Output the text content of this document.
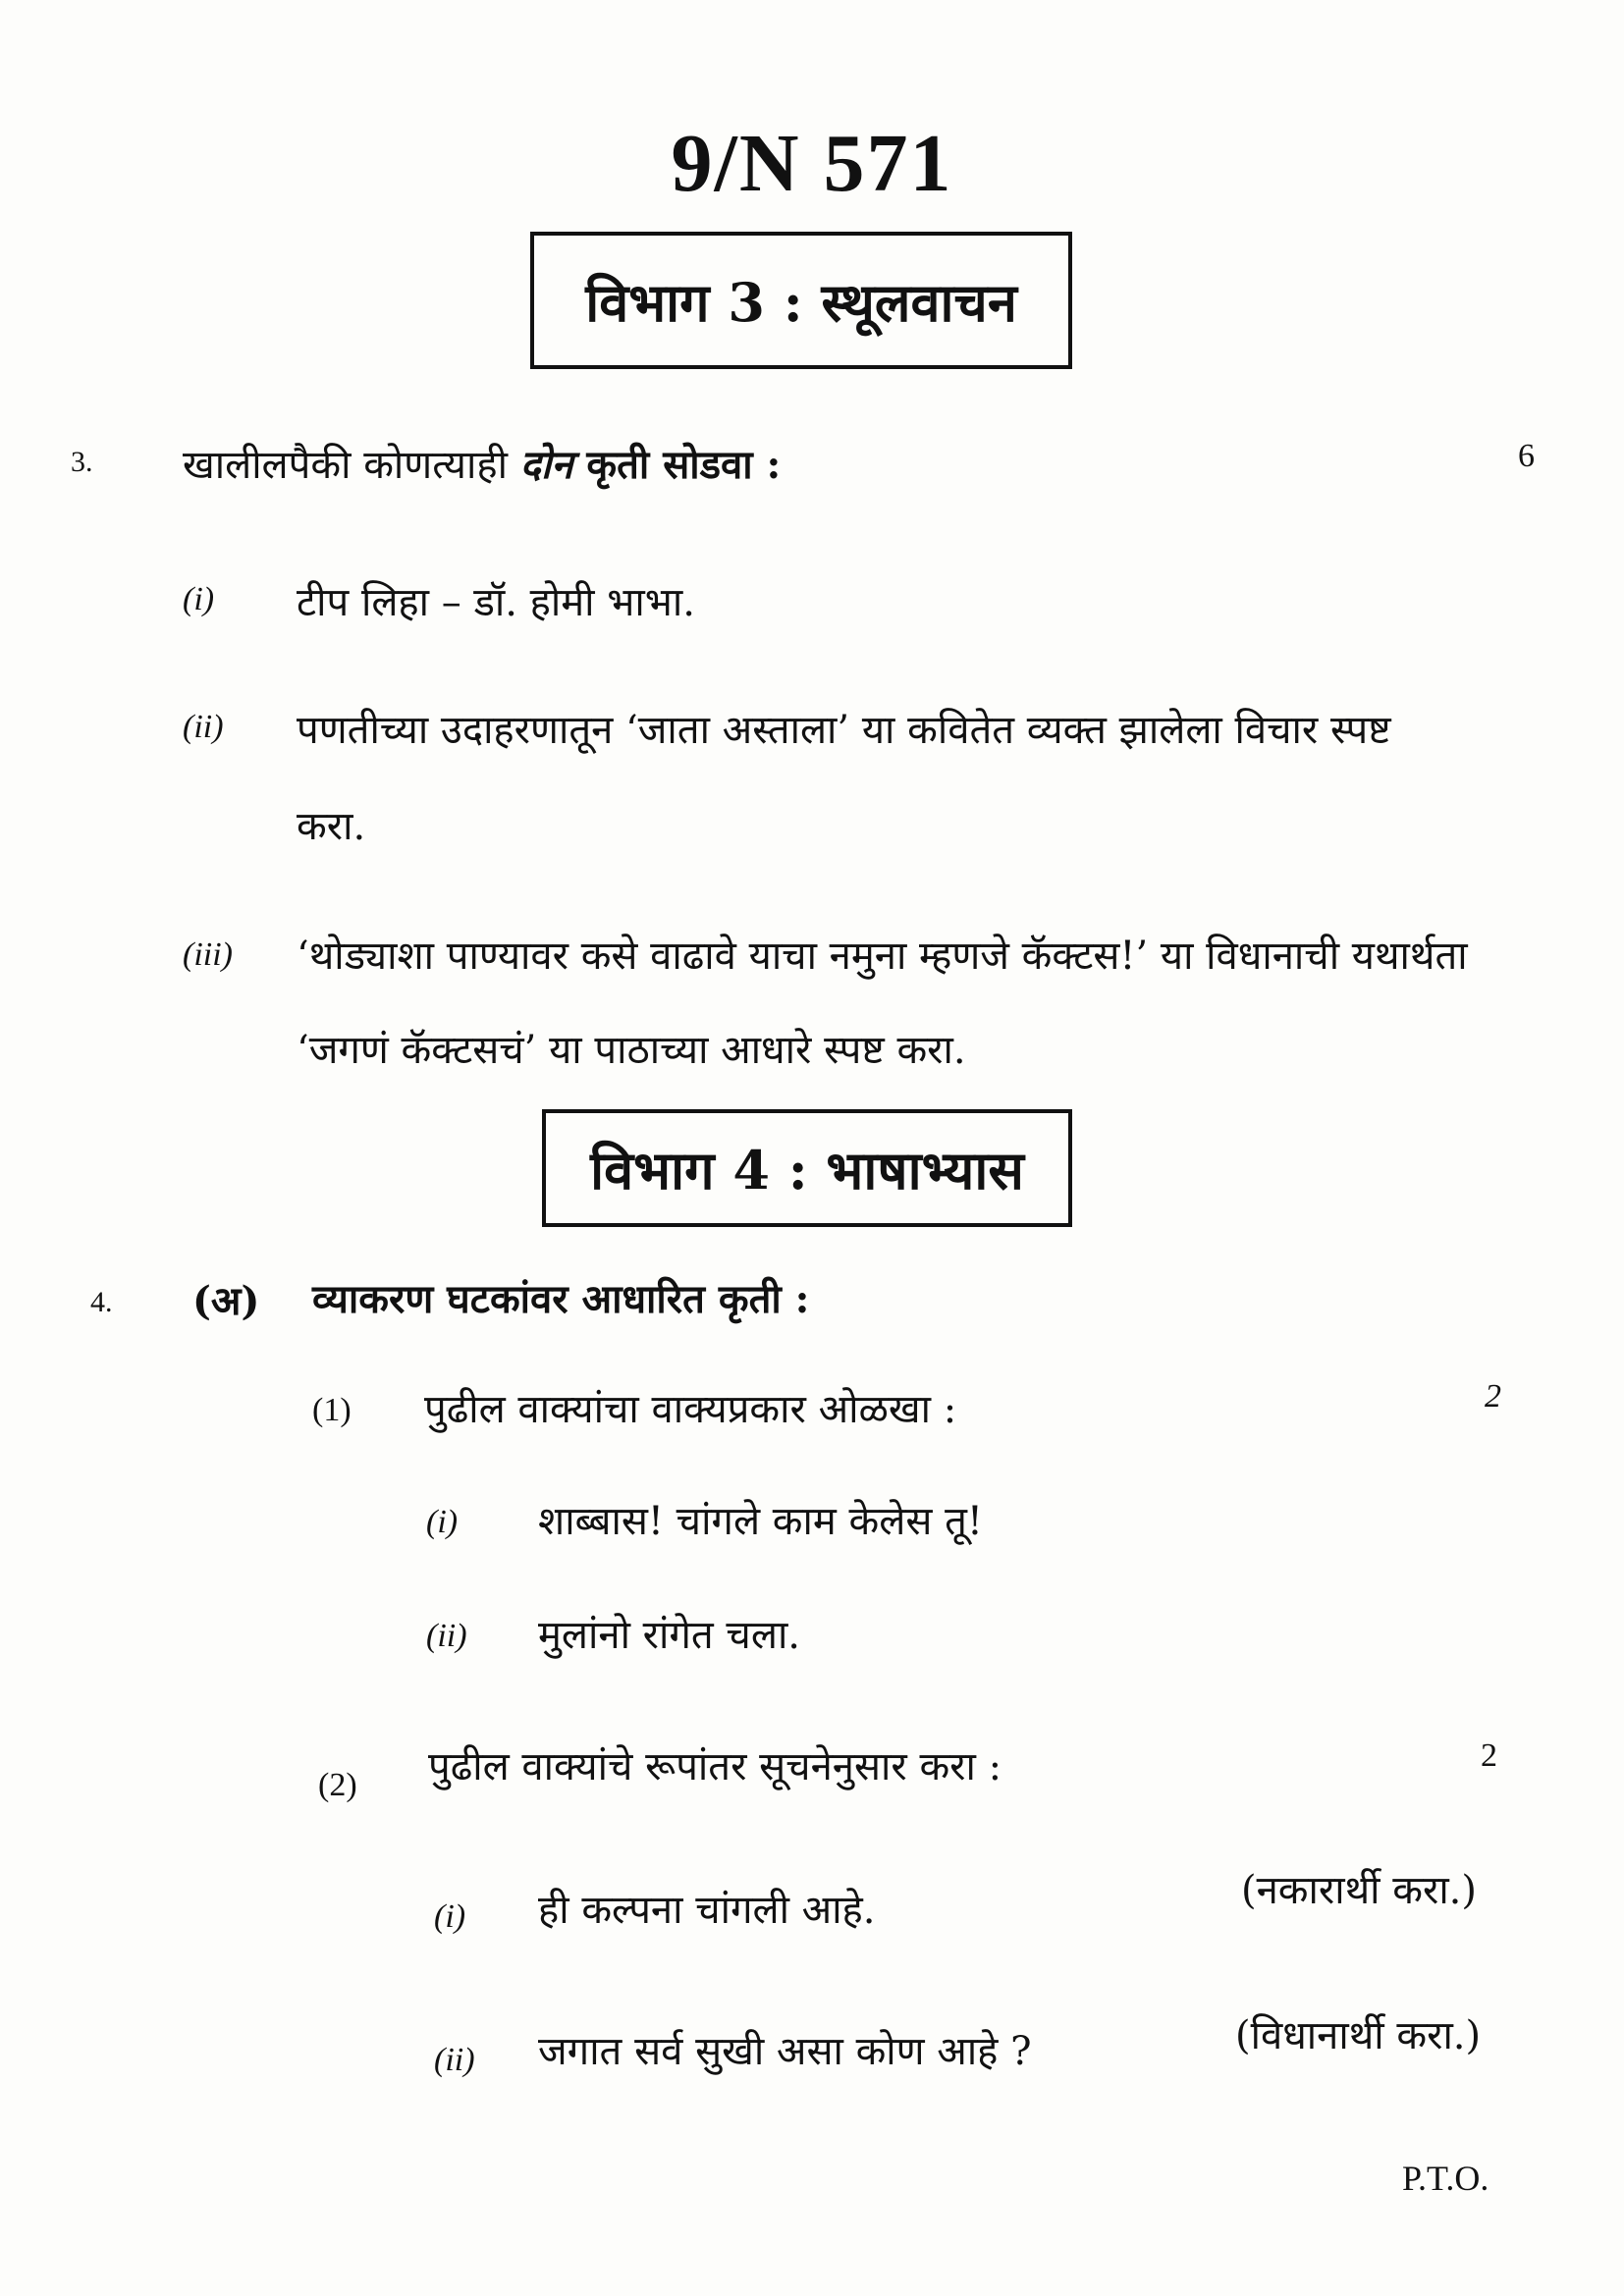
9/N 571
विभाग 3 : स्थूलवाचन
3. खालीलपैकी कोणत्याही दोन कृती सोडवा :	6
(i) टीप लिहा – डॉ. होमी भाभा.
(ii) पणतीच्या उदाहरणातून ‘जाता अस्ताला’ या कवितेत व्यक्त झालेला विचार स्पष्ट
करा.
(iii) ‘थोड्याशा पाण्यावर कसे वाढावे याचा नमुना म्हणजे कॅक्टस!’ या विधानाची यथार्थता
‘जगणं कॅक्टसचं’ या पाठाच्या आधारे स्पष्ट करा.
विभाग 4 : भाषाभ्यास
4. (अ) व्याकरण घटकांवर आधारित कृती :
(1) पुढील वाक्यांचा वाक्यप्रकार ओळखा :	2
(i) शाब्बास! चांगले काम केलेस तू!
(ii) मुलांनो रांगेत चला.
(2) पुढील वाक्यांचे रूपांतर सूचनेनुसार करा :	2
(i) ही कल्पना चांगली आहे.	(नकारार्थी करा.)
(ii) जगात सर्व सुखी असा कोण आहे ?	(विधानार्थी करा.)
P.T.O.
